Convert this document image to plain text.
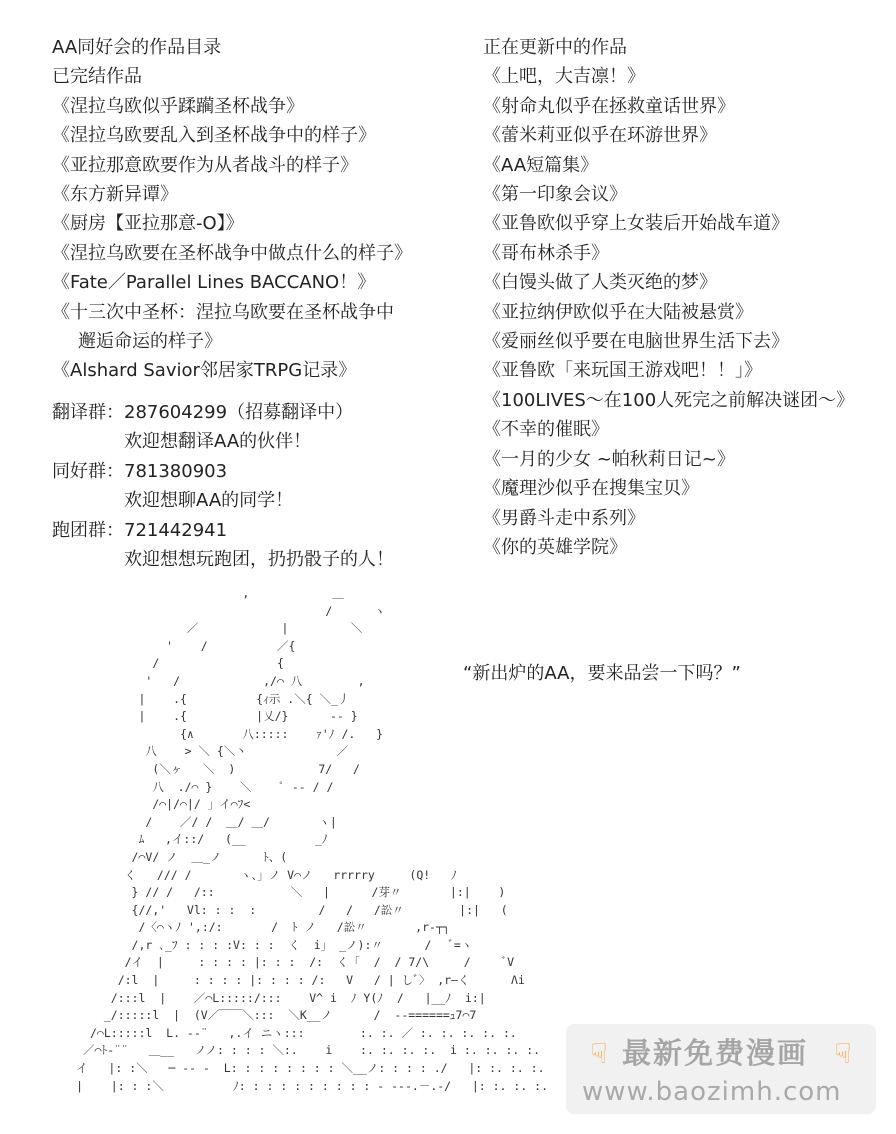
AA同好会的作品目录
已完结作品
《涅拉乌欧似乎蹂躏圣杯战争》
《涅拉乌欧要乱入到圣杯战争中的样子》
《亚拉那意欧要作为从者战斗的样子》
《东方新异谭》
《厨房【亚拉那意-O】》
《涅拉乌欧要在圣杯战争中做点什么的样子》
《Fate／Parallel Lines BACCANO！》
《十三次中圣杯：涅拉乌欧要在圣杯战争中
邂逅命运的样子》
《Alshard Savior邻居家TRPG记录》
翻译群： 287604299（招募翻译中）
欢迎想翻译AA的伙伴！
同好群： 781380903
欢迎想聊AA的同学！
跑团群： 721442941
欢迎想想玩跑团，扔扔骰子的人！
正在更新中的作品
《上吧，大吉凛！》
《射命丸似乎在拯救童话世界》
《蕾米莉亚似乎在环游世界》
《AA短篇集》
《第一印象会议》
《亚鲁欧似乎穿上女装后开始战车道》
《哥布林杀手》
《白馒头做了人类灭绝的梦》
《亚拉纳伊欧似乎在大陆被悬赏》
《爱丽丝似乎要在电脑世界生活下去》
《亚鲁欧「来玩国王游戏吧！！」》
《100LIVES～在100人死完之前解决谜团～》
《不幸的催眠》
《一月的少女 ~帕秋莉日记~》
《魔理沙似乎在搜集宝贝》
《男爵斗走中系列》
《你的英雄学院》
,            ＿
/      ヽ
／            |         ＼
'    /          ／{
/                 {
'   /            ,/⌒ 八        ,
|    .{          {ｨ示 .＼{ ＼_丿
|    .{          |乂/}      ‐‐ }
{∧       八:::::    ｧ'ﾉ /.   }
八    > ＼ {＼丶             ／
(＼ヶ   ＼  )            7/   /
八  ./⌒ }    ＼    ﾟ -- / /
/⌒|/⌒|/ 」イ⌒ﾌ<
/    ／/ /  ＿/ ＿/       ヽ|
ﾑ   ,イ::/   (__          _ﾉ
/⌒V/ ノ  ＿_ノ      ﾄ、(
く   /// /       ヽ、」ノ V⌒ノ   rrrrry     (Q!   ﾉ
} // /   /::           ＼   |      /芽〃       |:|    )
{//,'   Vl: : :  :         /   /   /訟〃        |:|   (
/〈⌒ヽﾉ ',:/:       /  ﾄ ノ   /訟〃       ,r‐┬┐
/,r ､_ﾌ : : : :V: : :  く  i」 _ノ):〃      /   ﾞ=ヽ
/イ  |     : : : : |: : :  /:  く「  /  / 7/\     /     ﾞV
/:l  |     : : : : |: : : : /:   V   / | しﾞ〉 ,r―く      Λi
/:::l  |    ／⌒L:::::/:::    V^ i  ﾉ Y(ﾉ  /   |__ﾉ  i:|
_/:::::l  |  (V／￣￣＼:::  ＼K__ノ      /  --======ｭ7⌒7
/⌒L:::::l  L. -‐¨   ,.イ ニヽ:::        :. :. ／ :. :. :. :. :.
／⌒ﾄ-¨¨   ＿__   ノノ: : : : ＼:.    i    :. :. :. :.  i :. :. :. :.
イ   |: :＼   ─ -- ‐  L: : : : : : : : ＼__ノ: : : : ./   |: :. :. :.
|    |: : :＼          ﾉ: : : : : : : : : : ‐ ---.－.-/   |: :. :. :.
“新出炉的AA，要来品尝一下吗？”
☟ 最新免费漫画 ☟
www.baozimh.com
